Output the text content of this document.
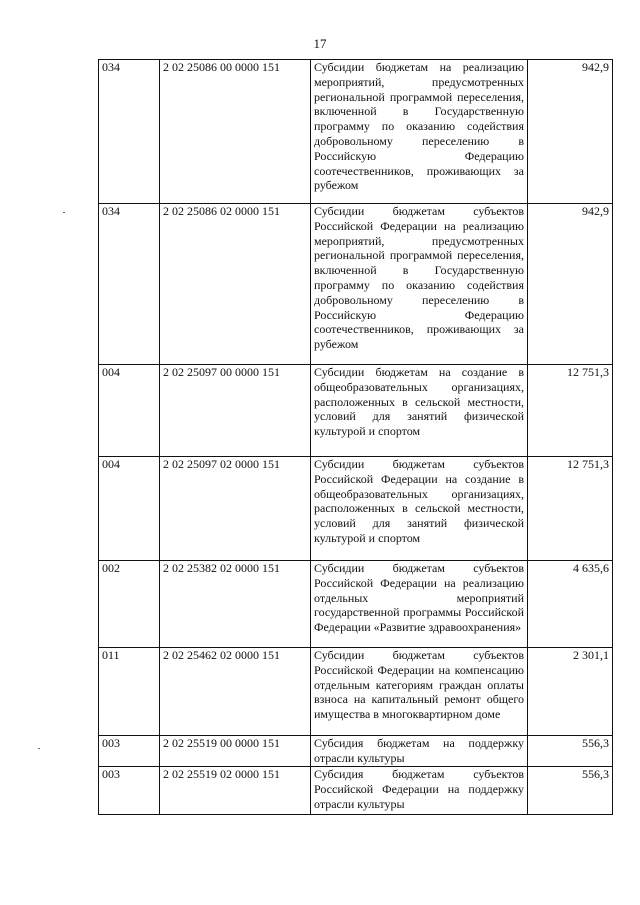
17
034	2 02 25086 00 0000 151	Субсидии бюджетам на реализацию мероприятий, предусмотренных региональной программой переселения, включенной в Государственную программу по оказанию содействия добровольному переселению в Российскую Федерацию соотечественников, проживающих за рубежом	942,9
034	2 02 25086 02 0000 151	Субсидии бюджетам субъектов Российской Федерации на реализацию мероприятий, предусмотренных региональной программой переселения, включенной в Государственную программу по оказанию содействия добровольному переселению в Российскую Федерацию соотечественников, проживающих за рубежом	942,9
004	2 02 25097 00 0000 151	Субсидии бюджетам на создание в общеобразовательных организациях, расположенных в сельской местности, условий для занятий физической культурой и спортом	12 751,3
004	2 02 25097 02 0000 151	Субсидии бюджетам субъектов Российской Федерации на создание в общеобразовательных организациях, расположенных в сельской местности, условий для занятий физической культурой и спортом	12 751,3
002	2 02 25382 02 0000 151	Субсидии бюджетам субъектов Российской Федерации на реализацию отдельных мероприятий государственной программы Российской Федерации «Развитие здравоохранения»	4 635,6
011	2 02 25462 02 0000 151	Субсидии бюджетам субъектов Российской Федерации на компенсацию отдельным категориям граждан оплаты взноса на капитальный ремонт общего имущества в многоквартирном доме	2 301,1
003	2 02 25519 00 0000 151	Субсидия бюджетам на поддержку отрасли культуры	556,3
003	2 02 25519 02 0000 151	Субсидия бюджетам субъектов Российской Федерации на поддержку отрасли культуры	556,3
